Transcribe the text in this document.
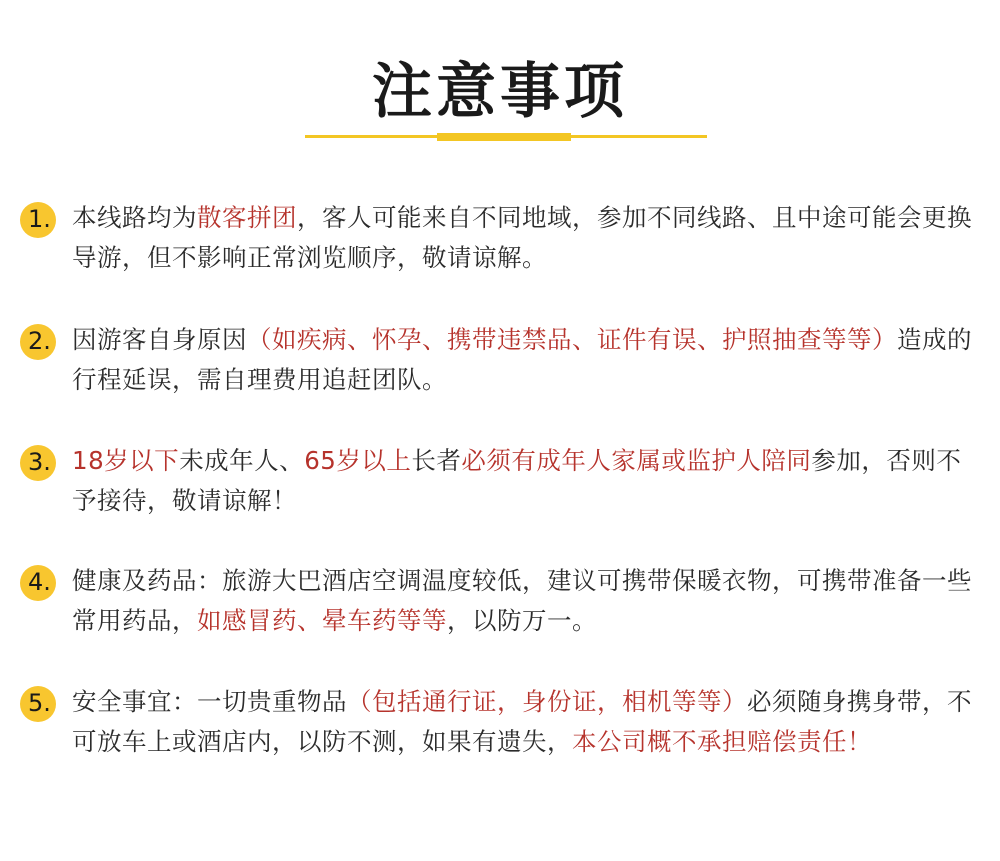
注意事项
1. 本线路均为散客拼团，客人可能来自不同地域，参加不同线路、且中途可能会更换导游，但不影响正常浏览顺序，敬请谅解。
2. 因游客自身原因（如疾病、怀孕、携带违禁品、证件有误、护照抽查等等）造成的行程延误，需自理费用追赶团队。
3. 18岁以下未成年人、65岁以上长者必须有成年人家属或监护人陪同参加，否则不予接待，敬请谅解！
4. 健康及药品：旅游大巴酒店空调温度较低，建议可携带保暖衣物，可携带准备一些常用药品，如感冒药、晕车药等等，以防万一。
5. 安全事宜：一切贵重物品（包括通行证，身份证，相机等等）必须随身携身带，不可放车上或酒店内，以防不测，如果有遗失，本公司概不承担赔偿责任！
